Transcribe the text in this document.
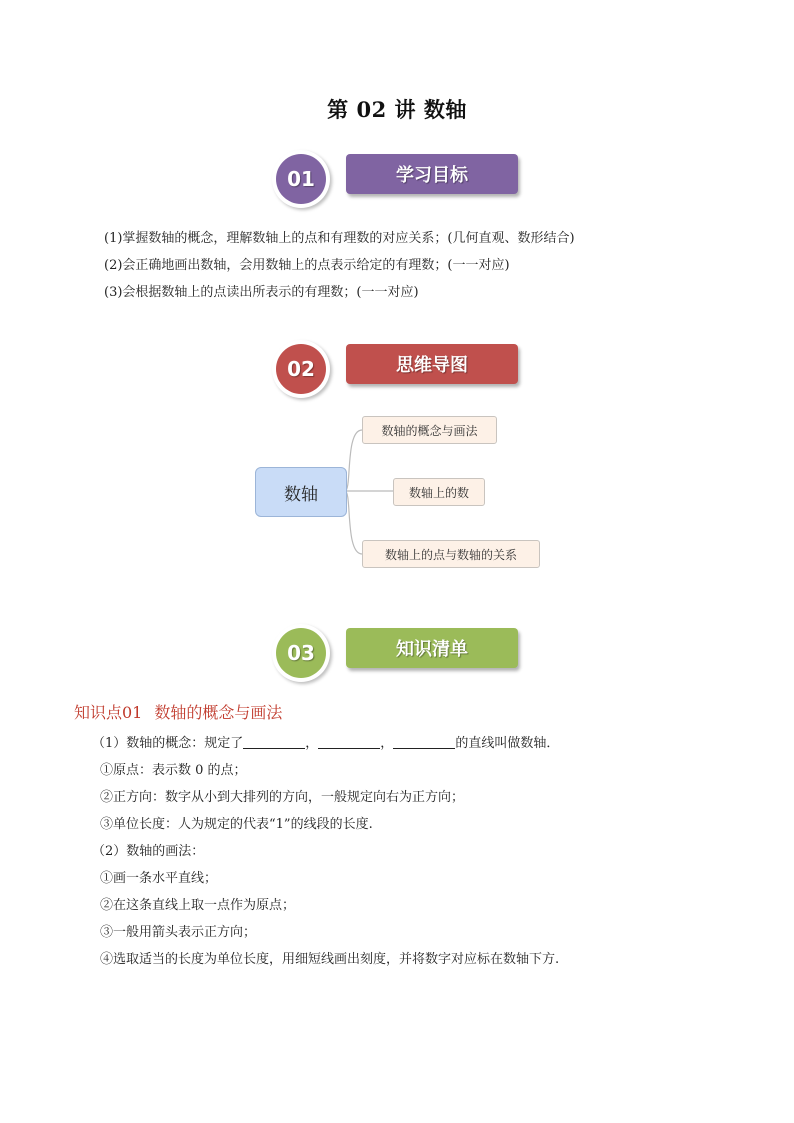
第 02 讲 数轴
01	学习目标
(1)掌握数轴的概念，理解数轴上的点和有理数的对应关系；(几何直观、数形结合)
(2)会正确地画出数轴，会用数轴上的点表示给定的有理数；(一一对应)
(3)会根据数轴上的点读出所表示的有理数；(一一对应)
02	思维导图
数轴
数轴的概念与画法
数轴上的数
数轴上的点与数轴的关系
03	知识清单
知识点01 数轴的概念与画法
（1）数轴的概念：规定了	，	，	的直线叫做数轴．
①原点：表示数 0 的点；
②正方向：数字从小到大排列的方向，一般规定向右为正方向；
③单位长度：人为规定的代表“1”的线段的长度.
（2）数轴的画法：
①画一条水平直线；
②在这条直线上取一点作为原点；
③一般用箭头表示正方向；
④选取适当的长度为单位长度，用细短线画出刻度，并将数字对应标在数轴下方.
